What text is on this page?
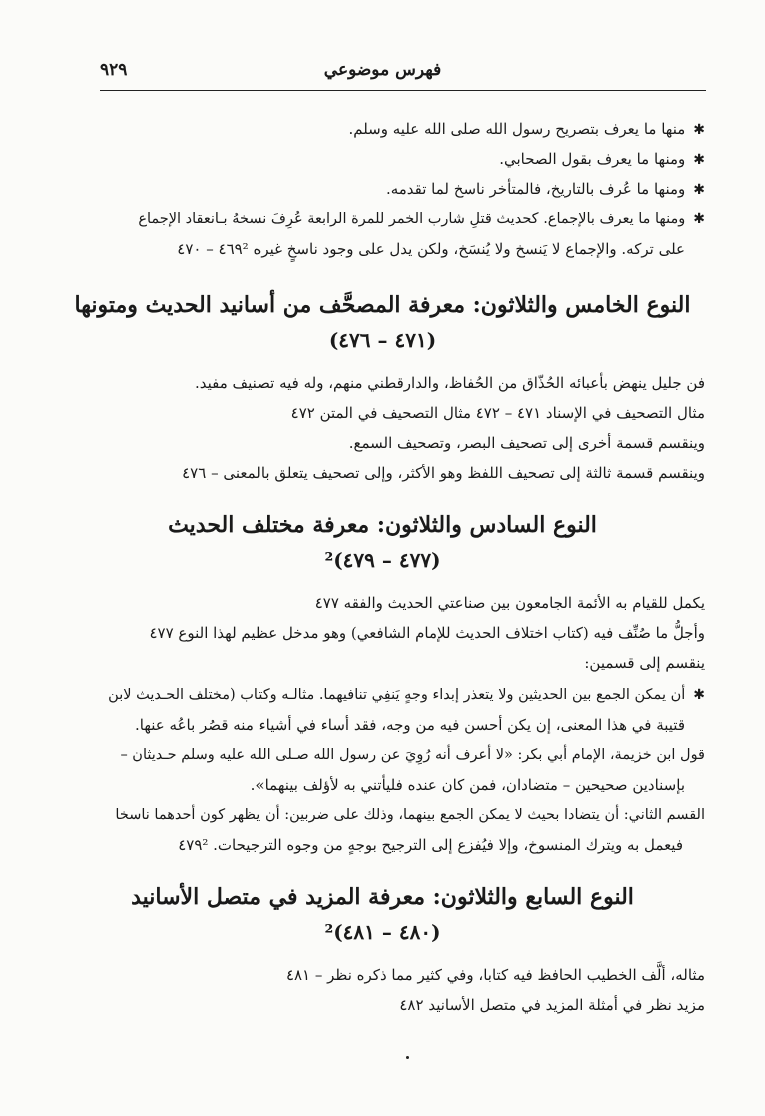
فهرس موضوعي
٩٢٩
✱منها ما يعرف بتصريح رسول الله صلى الله عليه وسلم.
✱ومنها ما يعرف بقول الصحابي.
✱ومنها ما عُرف بالتاريخ، فالمتأخر ناسخ لما تقدمه.
✱ومنها ما يعرف بالإجماع. كحديث قتلِ شارب الخمر للمرة الرابعة عُرِفَ نسخهُ بـانعقاد الإجماع
على تركه. والإجماع لا يَنسخ ولا يُنسَخ، ولكن يدل على وجود ناسخٍ غيره ٤٦٩² – ٤٧٠
النوع الخامس والثلاثون: معرفة المصحَّف من أسانيد الحديث ومتونها
(٤٧١ – ٤٧٦)
فن جليل ينهض بأعبائه الحُذّاق من الحُفاظ، والدارقطني منهم، وله فيه تصنيف مفيد.
مثال التصحيف في الإسناد ٤٧١ – ٤٧٢ مثال التصحيف في المتن ٤٧٢
وينقسم قسمة أخرى إلى تصحيف البصر، وتصحيف السمع.
وينقسم قسمة ثالثة إلى تصحيف اللفظ وهو الأكثر، وإلى تصحيف يتعلق بالمعنى – ٤٧٦
النوع السادس والثلاثون: معرفة مختلف الحديث
(٤٧٧ – ٤٧٩)²
يكمل للقيام به الأئمة الجامعون بين صناعتي الحديث والفقه ٤٧٧
وأجلُّ ما صُنِّف فيه (كتاب اختلاف الحديث للإمام الشافعي) وهو مدخل عظيم لهذا النوع ٤٧٧
ينقسم إلى قسمين:
✱أن يمكن الجمع بين الحديثين ولا يتعذر إبداء وجهٍ يَنفِي تنافيهما. مثالـه وكتاب (مختلف الحـديث لابن
قتيبة في هذا المعنى، إن يكن أحسن فيه من وجه، فقد أساء في أشياء منه قصُر باعُه عنها.
قول ابن خزيمة، الإمام أبي بكر: «لا أعرف أنه رُوِيَ عن رسول الله صـلى الله عليه وسلم حـديثان –
بإسنادين صحيحين – متضادان، فمن كان عنده فليأتني به لأؤلف بينهما».
القسم الثاني: أن يتضادا بحيث لا يمكن الجمع بينهما، وذلك على ضربين: أن يظهر كون أحدهما ناسخا
فيعمل به ويترك المنسوخ، وإلا فيُفزع إلى الترجيح بوجهٍ من وجوه الترجيحات. ٤٧٩²
النوع السابع والثلاثون: معرفة المزيد في متصل الأسانيد
(٤٨٠ – ٤٨١)²
مثاله، ألَّف الخطيب الحافظ فيه كتابا، وفي كثير مما ذكره نظر – ٤٨١
مزيد نظر في أمثلة المزيد في متصل الأسانيد ٤٨٢
